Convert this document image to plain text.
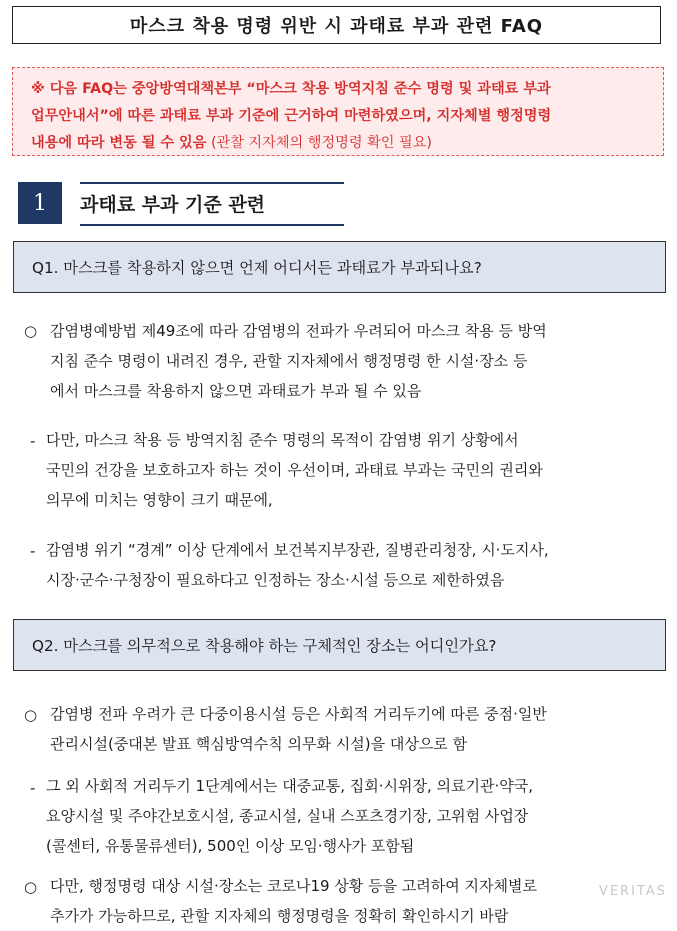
마스크 착용 명령 위반 시 과태료 부과 관련 FAQ
※ 다음 FAQ는 중앙방역대책본부 “마스크 착용 방역지침 준수 명령 및 과태료 부과
업무안내서”에 따른 과태료 부과 기준에 근거하여 마련하였으며, 지자체별 행정명령
내용에 따라 변동 될 수 있음 (관찰 지자체의 행정명령 확인 필요)
1	과태료 부과 기준 관련
Q1. 마스크를 착용하지 않으면 언제 어디서든 과태료가 부과되나요?
○ 감염병예방법 제49조에 따라 감염병의 전파가 우려되어 마스크 착용 등 방역
지침 준수 명령이 내려진 경우, 관할 지자체에서 행정명령 한 시설·장소 등
에서 마스크를 착용하지 않으면 과태료가 부과 될 수 있음
- 다만, 마스크 착용 등 방역지침 준수 명령의 목적이 감염병 위기 상황에서
국민의 건강을 보호하고자 하는 것이 우선이며, 과태료 부과는 국민의 권리와
의무에 미치는 영향이 크기 때문에,
- 감염병 위기 “경계” 이상 단계에서 보건복지부장관, 질병관리청장, 시·도지사,
시장·군수·구청장이 필요하다고 인정하는 장소·시설 등으로 제한하였음
Q2. 마스크를 의무적으로 착용해야 하는 구체적인 장소는 어디인가요?
○ 감염병 전파 우려가 큰 다중이용시설 등은 사회적 거리두기에 따른 중점·일반
관리시설(중대본 발표 핵심방역수칙 의무화 시설)을 대상으로 함
- 그 외 사회적 거리두기 1단계에서는 대중교통, 집회·시위장, 의료기관·약국,
요양시설 및 주야간보호시설, 종교시설, 실내 스포츠경기장, 고위험 사업장
(콜센터, 유통물류센터), 500인 이상 모임·행사가 포함됨
○ 다만, 행정명령 대상 시설·장소는 코로나19 상황 등을 고려하여 지자체별로
추가가 가능하므로, 관할 지자체의 행정명령을 정확히 확인하시기 바람
VERITAS
